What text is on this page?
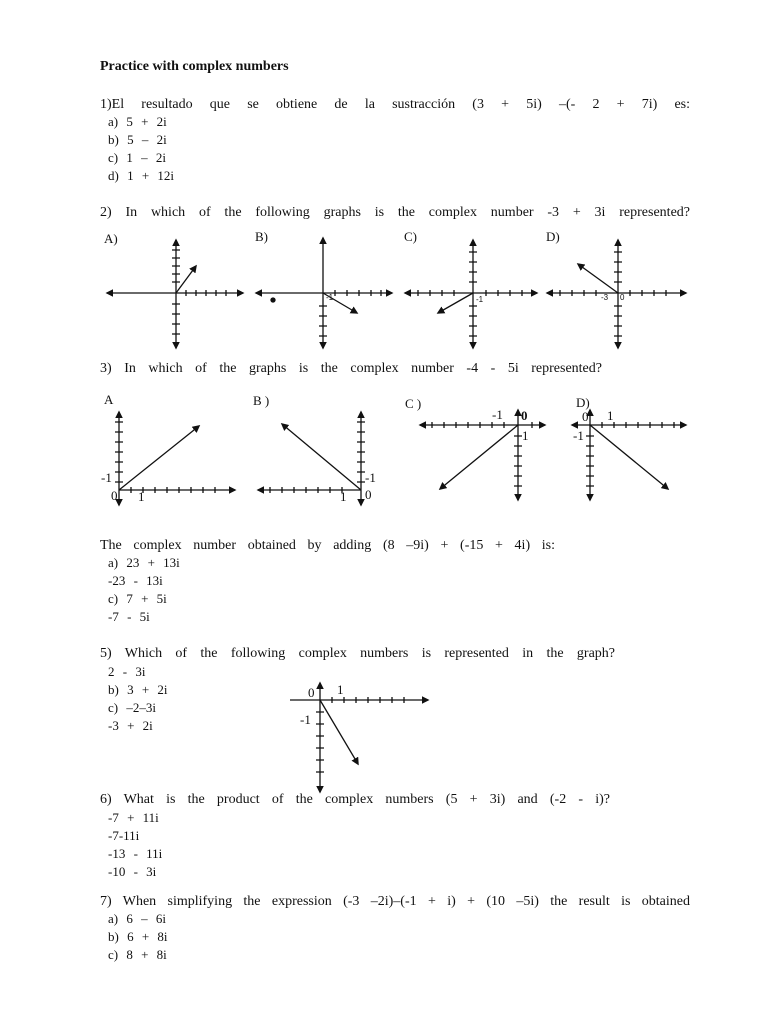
Practice with complex numbers
1)El resultado que se obtiene de la sustracción (3 + 5i) –(- 2 + 7i) es:
a) 5 + 2i
b) 5 – 2i
c) 1 – 2i
d) 1 + 12i
2) In which of the following graphs is the complex number -3 + 3i represented?
A)	B)	C)	D)
-1	-1	-3 0
3) In which of the graphs is the complex number -4 - 5i represented?
A	B )	C )	D)
-1
0 1
-1
0
1
-1 0
1
0 1
-1
The complex number obtained by adding (8 –9i) + (-15 + 4i) is:
a) 23 + 13i
-23 - 13i
c) 7 + 5i
-7 - 5i
5) Which of the following complex numbers is represented in the graph?
2 - 3i
b) 3 + 2i
c) –2–3i
-3 + 2i
0 1
-1
6) What is the product of the complex numbers (5 + 3i) and (-2 - i)?
-7 + 11i
-7-11i
-13 - 11i
-10 - 3i
7) When simplifying the expression (-3 –2i)–(-1 + i) + (10 –5i) the result is obtained
a) 6 – 6i
b) 6 + 8i
c) 8 + 8i
